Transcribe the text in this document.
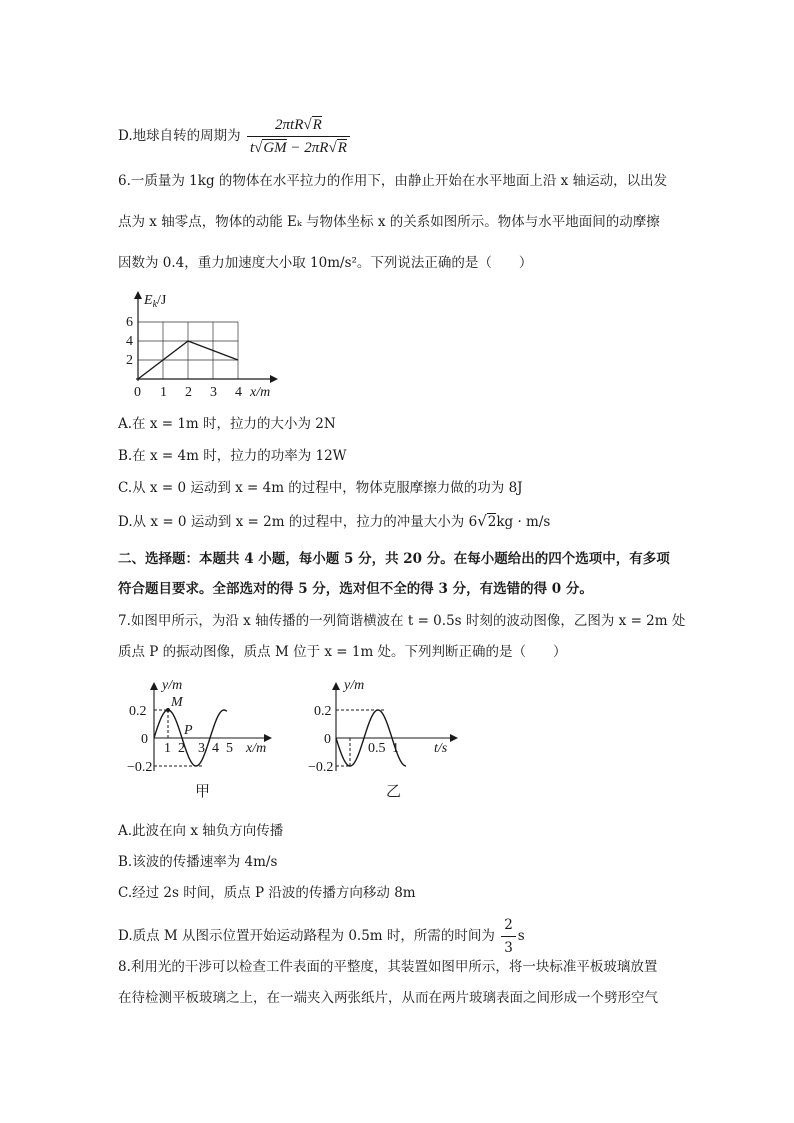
D.地球自转的周期为 $\frac{\text{2πtR√R}}{t√GM - 2\pi R√R}$
6.一质量为 1kg 的物体在水平拉力的作用下，由静止开始在水平地面上沿 x 轴运动，以出发
点为 x 轴零点，物体的动能 Eₖ 与物体坐标 x 的关系如图所示。物体与水平地面间的动摩擦
因数为 0.4，重力加速度大小取 10m/s²。下列说法正确的是（　　）
$E_k/J$
x/m
0
2
4
6
1 2 3 4
A.在 x = 1m 时，拉力的大小为 2N
B.在 x = 4m 时，拉力的功率为 12W
C.从 x = 0 运动到 x = 4m 的过程中，物体克服摩擦力做的功为 8J
D.从 x = 0 运动到 x = 2m 的过程中，拉力的冲量大小为 6√2kg · m/s
二、选择题：本题共 4 小题，每小题 5 分，共 20 分。在每小题给出的四个选项中，有多项
符合题目要求。全部选对的得 5 分，选对但不全的得 3 分，有选错的得 0 分。
7.如图甲所示，为沿 x 轴传播的一列简谐横波在 t = 0.5s 时刻的波动图像，乙图为 x = 2m 处
质点 P 的振动图像，质点 M 位于 x = 1m 处。下列判断正确的是（　　）
y/m
0.2
−0.2
0
M
P
1 2 3 4 5 x/m
甲
y/m
0.2
−0.2
0
0.5 1	t/s
乙
A.此波在向 x 轴负方向传播
B.该波的传播速率为 4m/s
C.经过 2s 时间，质点 P 沿波的传播方向移动 8m
D.质点 M 从图示位置开始运动路程为 0.5m 时，所需的时间为 $\frac{2}{3}$ s
8.利用光的干涉可以检查工件表面的平整度，其装置如图甲所示，将一块标准平板玻璃放置
在待检测平板玻璃之上，在一端夹入两张纸片，从而在两片玻璃表面之间形成一个劈形空气
